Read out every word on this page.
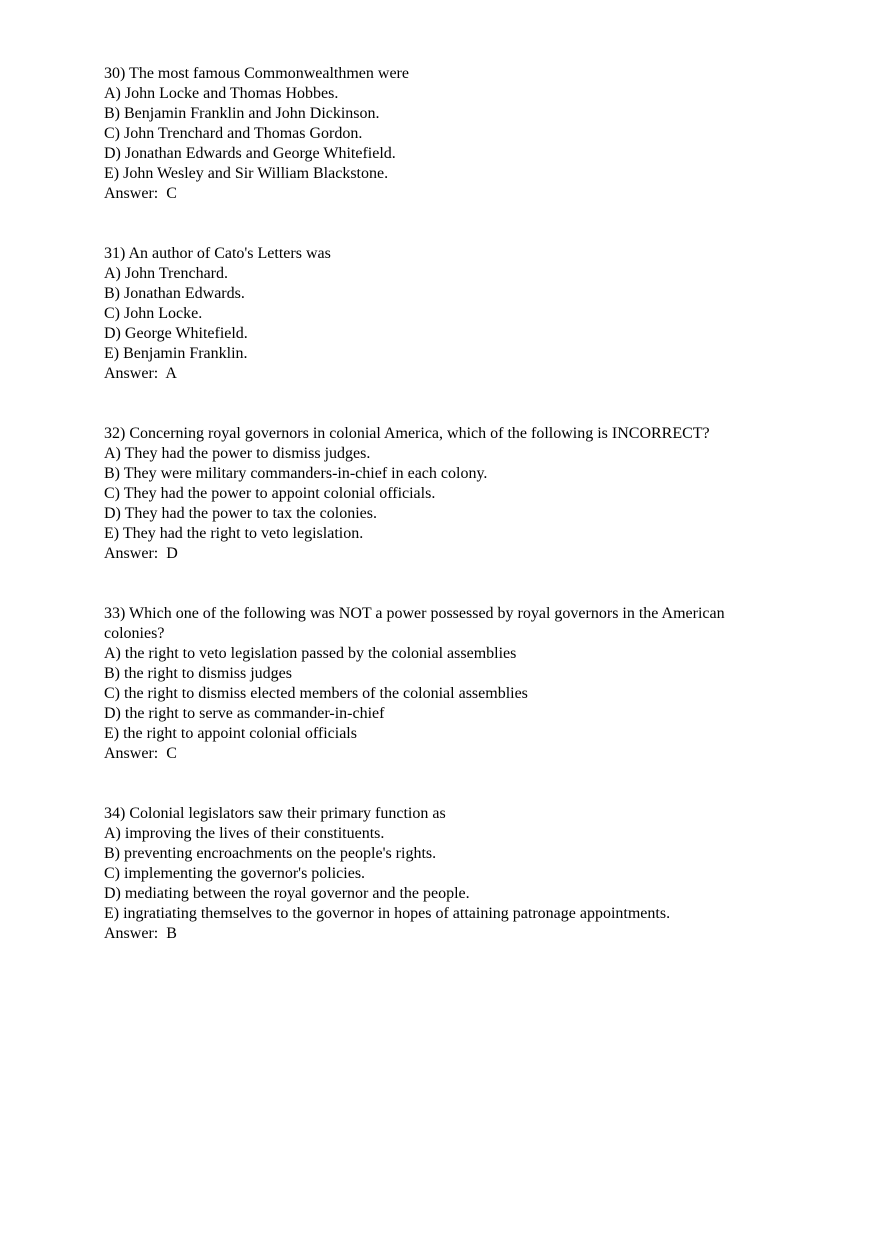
30) The most famous Commonwealthmen were
A) John Locke and Thomas Hobbes.
B) Benjamin Franklin and John Dickinson.
C) John Trenchard and Thomas Gordon.
D) Jonathan Edwards and George Whitefield.
E) John Wesley and Sir William Blackstone.
Answer:  C
31) An author of Cato's Letters was
A) John Trenchard.
B) Jonathan Edwards.
C) John Locke.
D) George Whitefield.
E) Benjamin Franklin.
Answer:  A
32) Concerning royal governors in colonial America, which of the following is INCORRECT?
A) They had the power to dismiss judges.
B) They were military commanders-in-chief in each colony.
C) They had the power to appoint colonial officials.
D) They had the power to tax the colonies.
E) They had the right to veto legislation.
Answer:  D
33) Which one of the following was NOT a power possessed by royal governors in the American colonies?
A) the right to veto legislation passed by the colonial assemblies
B) the right to dismiss judges
C) the right to dismiss elected members of the colonial assemblies
D) the right to serve as commander-in-chief
E) the right to appoint colonial officials
Answer:  C
34) Colonial legislators saw their primary function as
A) improving the lives of their constituents.
B) preventing encroachments on the people's rights.
C) implementing the governor's policies.
D) mediating between the royal governor and the people.
E) ingratiating themselves to the governor in hopes of attaining patronage appointments.
Answer:  B
